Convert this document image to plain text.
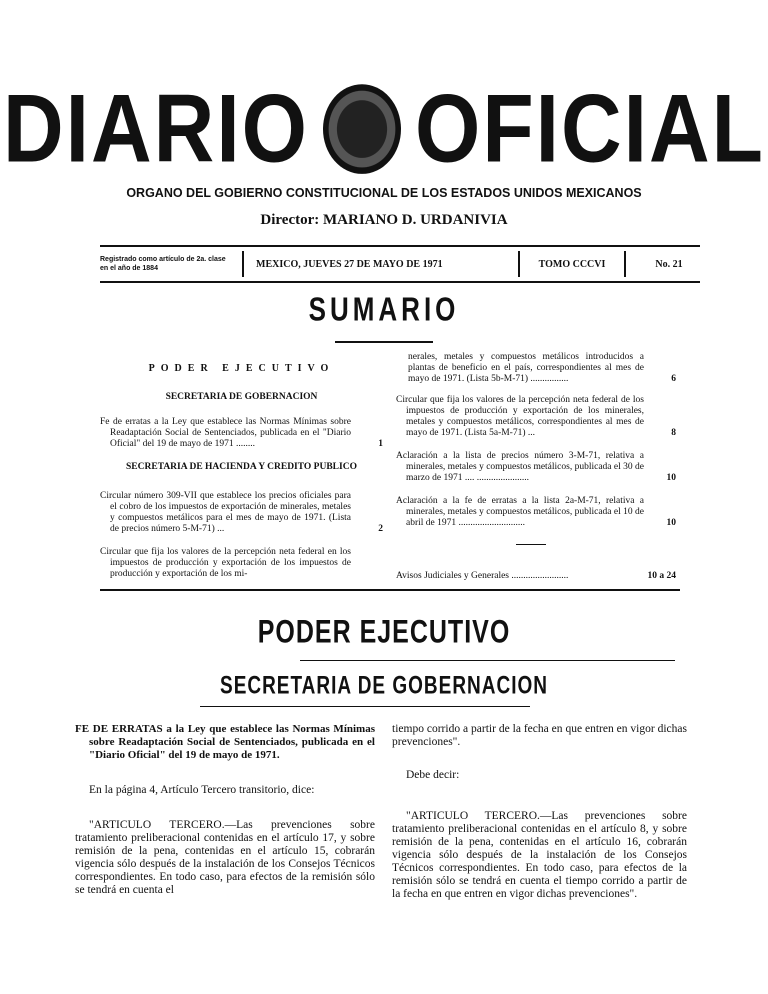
DIARIO OFICIAL
ORGANO DEL GOBIERNO CONSTITUCIONAL DE LOS ESTADOS UNIDOS MEXICANOS
Director: MARIANO D. URDANIVIA
Registrado como artículo de 2a. clase en el año de 1884	MEXICO, JUEVES 27 DE MAYO DE 1971	TOMO CCCVI	No. 21
SUMARIO
PODER EJECUTIVO
SECRETARIA DE GOBERNACION
Fe de erratas a la Ley que establece las Normas Mínimas sobre Readaptación Social de Sentenciados, publicada en el "Diario Oficial" del 19 de mayo de 1971 ........	1
SECRETARIA DE HACIENDA Y CREDITO PUBLICO
Circular número 309-VII que establece los precios oficiales para el cobro de los impuestos de exportación de minerales, metales y compuestos metálicos para el mes de mayo de 1971. (Lista de precios número 5-M-71) ...	2
Circular que fija los valores de la percepción neta federal en los impuestos de producción y exportación de los impuestos de producción y exportación de los mi-
nerales, metales y compuestos metálicos introducidos a plantas de beneficio en el país, correspondientes al mes de mayo de 1971. (Lista 5b-M-71) ................	6
Circular que fija los valores de la percepción neta federal de los impuestos de producción y exportación de los minerales, metales y compuestos metálicos, correspondientes al mes de mayo de 1971. (Lista 5a-M-71) ...	8
Aclaración a la lista de precios número 3-M-71, relativa a minerales, metales y compuestos metálicos, publicada el 30 de marzo de 1971 .... ......................	10
Aclaración a la fe de erratas a la lista 2a-M-71, relativa a minerales, metales y compuestos metálicos, publicada el 10 de abril de 1971 ............................	10
Avisos Judiciales y Generales ........................	10 a 24
PODER EJECUTIVO
SECRETARIA DE GOBERNACION

FE DE ERRATAS a la Ley que establece las Normas Mínimas sobre Readaptación Social de Sentenciados, publicada en el "Diario Oficial" del 19 de mayo de 1971.

En la página 4, Artículo Tercero transitorio, dice:

"ARTICULO TERCERO.—Las prevenciones sobre tratamiento preliberacional contenidas en el artículo 17, y sobre remisión de la pena, contenidas en el artículo 15, cobrarán vigencia sólo después de la instalación de los Consejos Técnicos correspondientes. En todo caso, para efectos de la remisión sólo se tendrá en cuenta el

tiempo corrido a partir de la fecha en que entren en vigor dichas prevenciones".

Debe decir:

"ARTICULO TERCERO.—Las prevenciones sobre tratamiento preliberacional contenidas en el artículo 8, y sobre remisión de la pena, contenidas en el artículo 16, cobrarán vigencia sólo después de la instalación de los Consejos Técnicos correspondientes. En todo caso, para efectos de la remisión sólo se tendrá en cuenta el tiempo corrido a partir de la fecha en que entren en vigor dichas prevenciones".
